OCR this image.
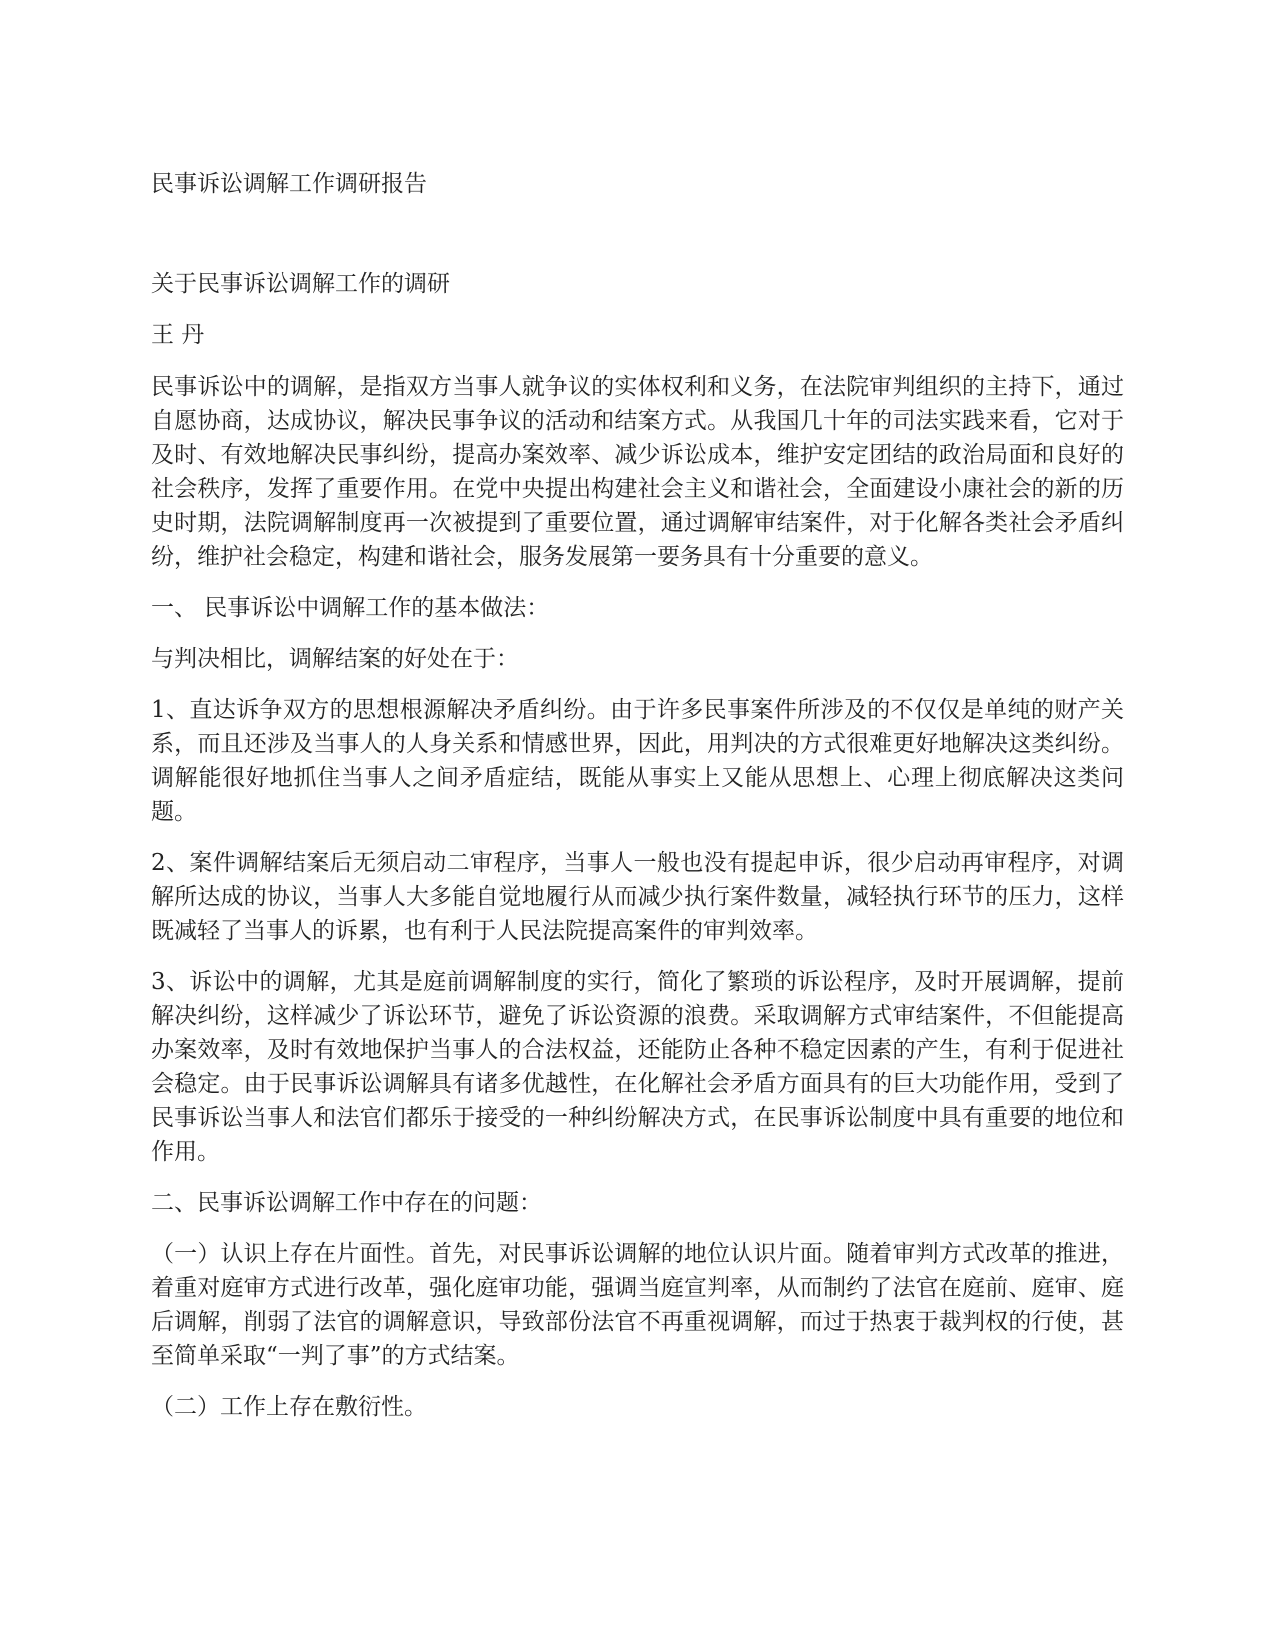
民事诉讼调解工作调研报告

关于民事诉讼调解工作的调研

王 丹

民事诉讼中的调解，是指双方当事人就争议的实体权利和义务，在法院审判组织的主持下，通过自愿协商，达成协议，解决民事争议的活动和结案方式。从我国几十年的司法实践来看，它对于及时、有效地解决民事纠纷，提高办案效率、减少诉讼成本，维护安定团结的政治局面和良好的社会秩序，发挥了重要作用。在党中央提出构建社会主义和谐社会，全面建设小康社会的新的历史时期，法院调解制度再一次被提到了重要位置，通过调解审结案件，对于化解各类社会矛盾纠纷，维护社会稳定，构建和谐社会，服务发展第一要务具有十分重要的意义。

一、 民事诉讼中调解工作的基本做法：

与判决相比，调解结案的好处在于：

1、直达诉争双方的思想根源解决矛盾纠纷。由于许多民事案件所涉及的不仅仅是单纯的财产关系，而且还涉及当事人的人身关系和情感世界，因此，用判决的方式很难更好地解决这类纠纷。调解能很好地抓住当事人之间矛盾症结，既能从事实上又能从思想上、心理上彻底解决这类问题。

2、案件调解结案后无须启动二审程序，当事人一般也没有提起申诉，很少启动再审程序，对调解所达成的协议，当事人大多能自觉地履行从而减少执行案件数量，减轻执行环节的压力，这样既减轻了当事人的诉累，也有利于人民法院提高案件的审判效率。

3、诉讼中的调解，尤其是庭前调解制度的实行，简化了繁琐的诉讼程序，及时开展调解，提前解决纠纷，这样减少了诉讼环节，避免了诉讼资源的浪费。采取调解方式审结案件，不但能提高办案效率，及时有效地保护当事人的合法权益，还能防止各种不稳定因素的产生，有利于促进社会稳定。由于民事诉讼调解具有诸多优越性，在化解社会矛盾方面具有的巨大功能作用，受到了民事诉讼当事人和法官们都乐于接受的一种纠纷解决方式，在民事诉讼制度中具有重要的地位和作用。

二、民事诉讼调解工作中存在的问题：

（一）认识上存在片面性。首先，对民事诉讼调解的地位认识片面。随着审判方式改革的推进，着重对庭审方式进行改革，强化庭审功能，强调当庭宣判率，从而制约了法官在庭前、庭审、庭后调解，削弱了法官的调解意识，导致部份法官不再重视调解，而过于热衷于裁判权的行使，甚至简单采取“一判了事”的方式结案。

（二）工作上存在敷衍性。
